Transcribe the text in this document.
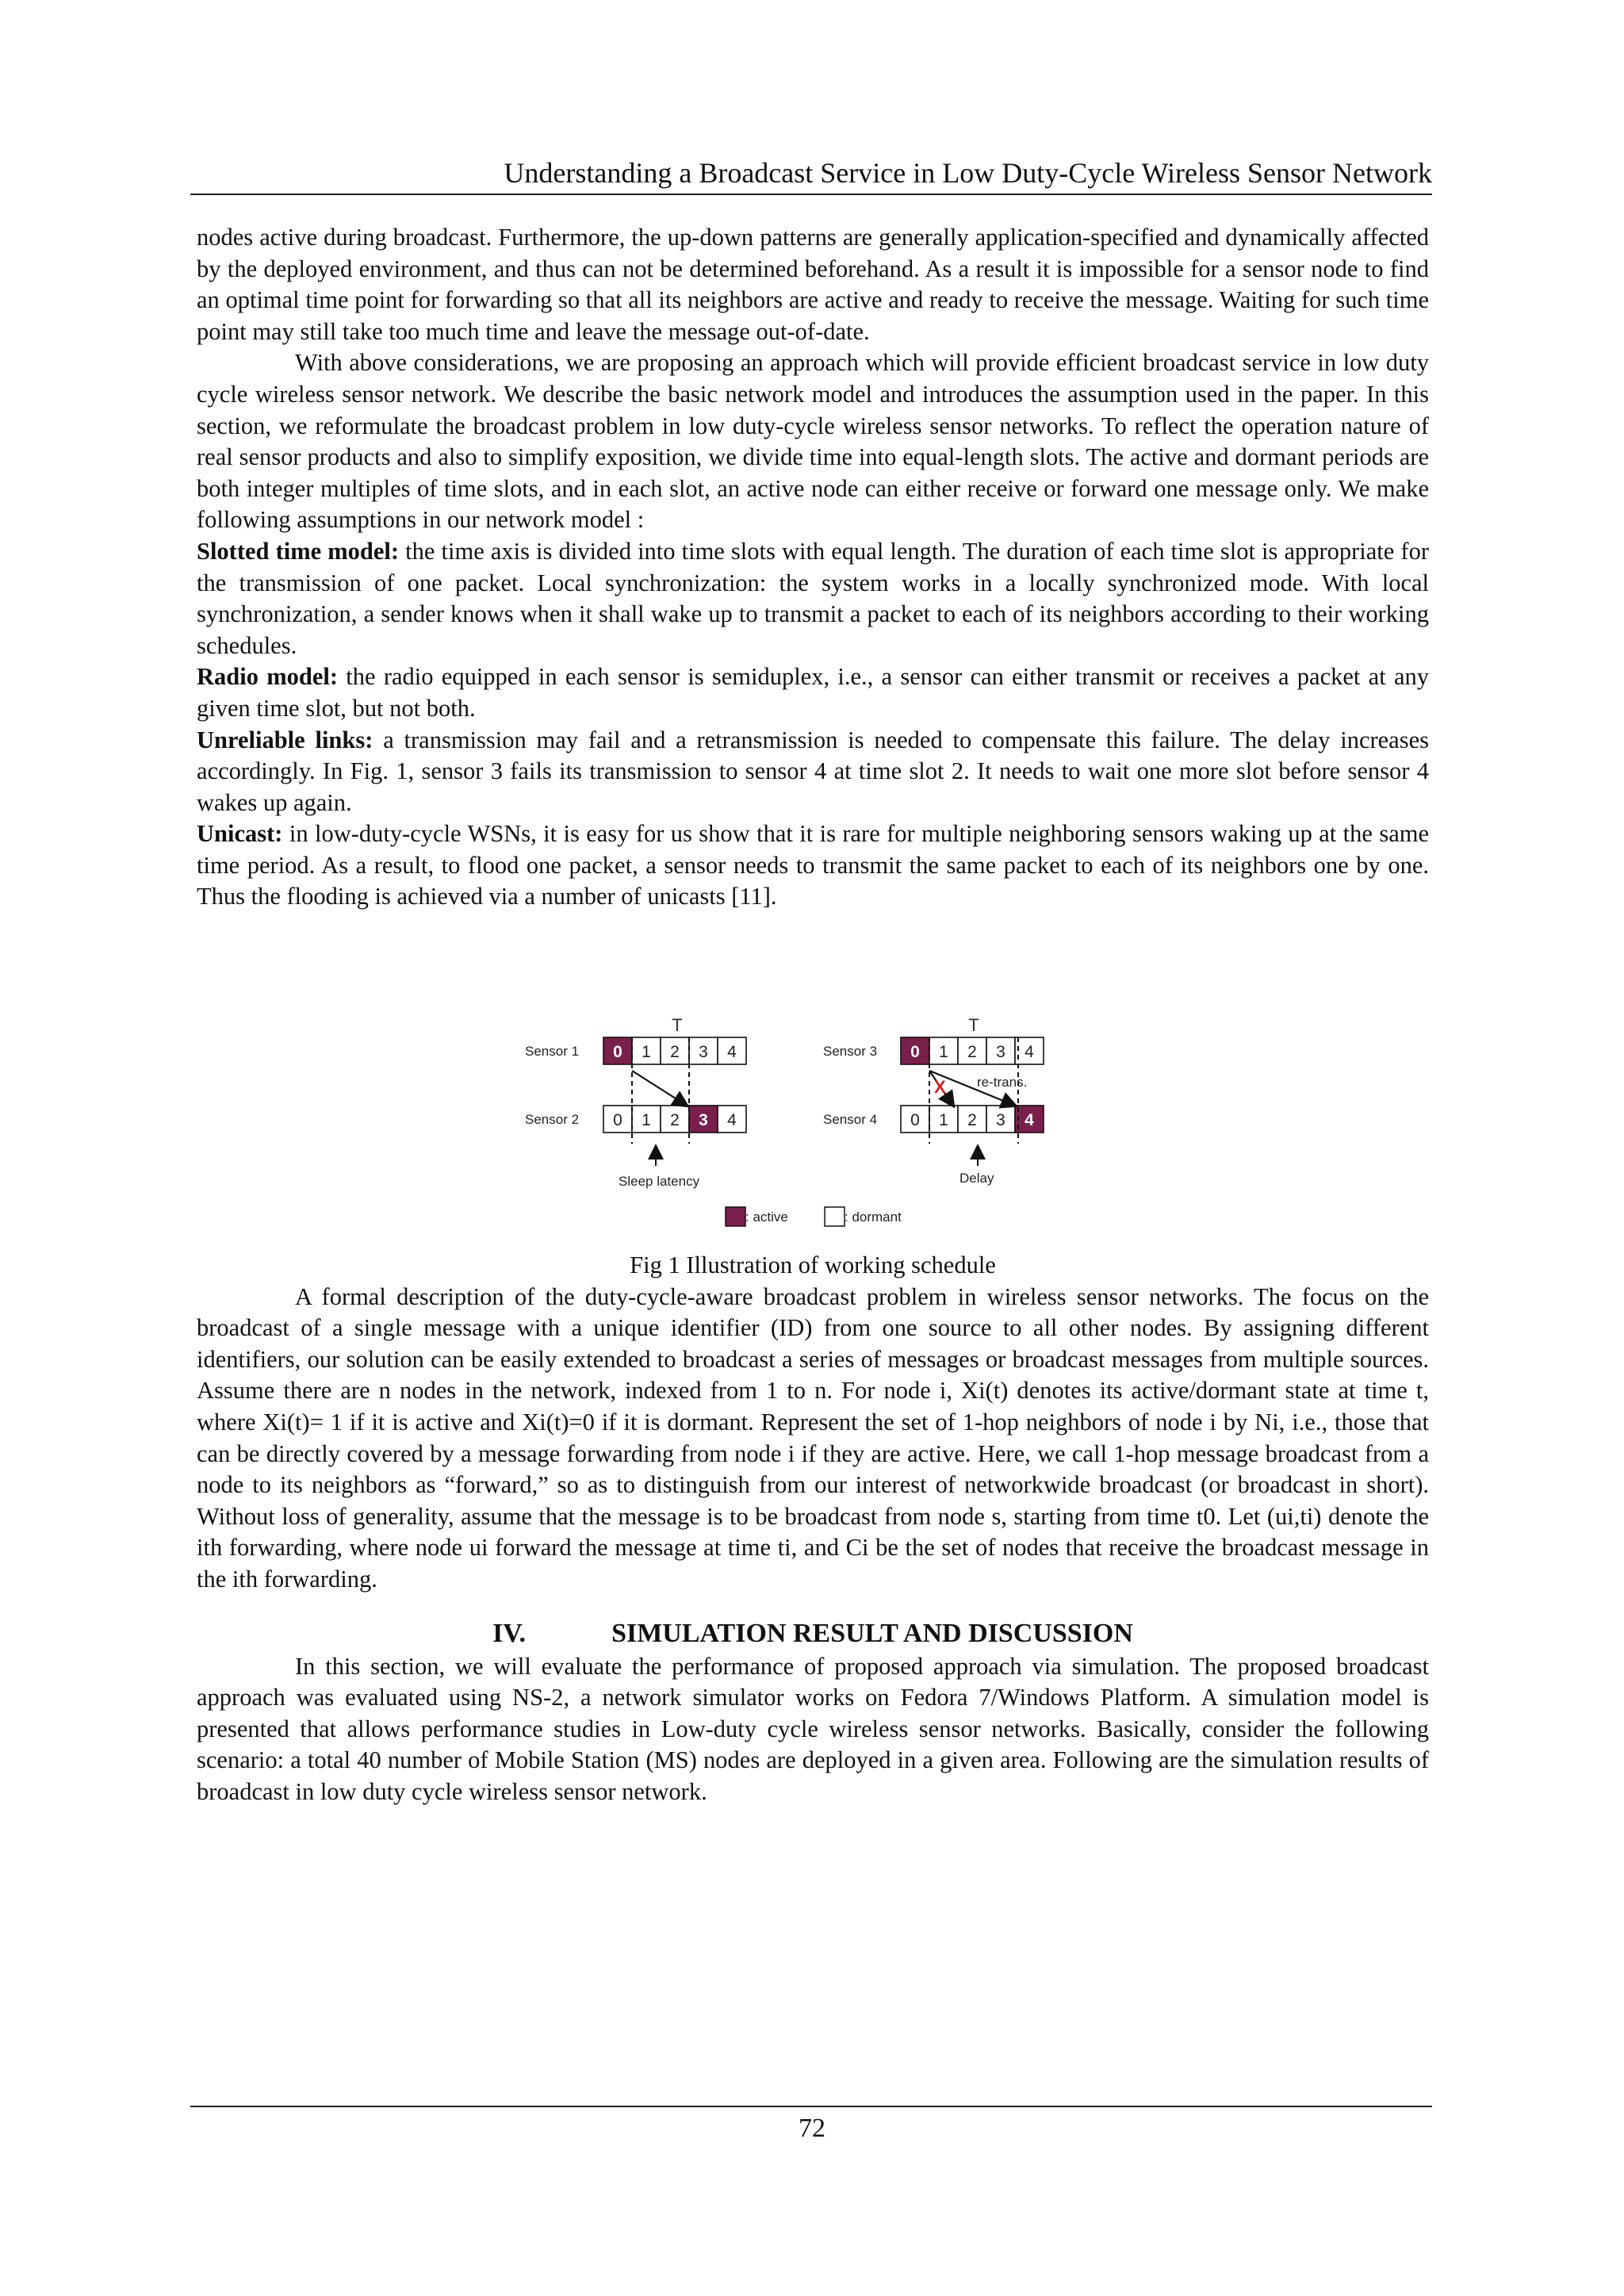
Understanding a Broadcast Service in Low Duty-Cycle Wireless Sensor Network

nodes active during broadcast. Furthermore, the up-down patterns are generally application-specified and dynamically affected by the deployed environment, and thus can not be determined beforehand. As a result it is impossible for a sensor node to find an optimal time point for forwarding so that all its neighbors are active and ready to receive the message. Waiting for such time point may still take too much time and leave the message out-of-date.

With above considerations, we are proposing an approach which will provide efficient broadcast service in low duty cycle wireless sensor network. We describe the basic network model and introduces the assumption used in the paper. In this section, we reformulate the broadcast problem in low duty-cycle wireless sensor networks. To reflect the operation nature of real sensor products and also to simplify exposition, we divide time into equal-length slots. The active and dormant periods are both integer multiples of time slots, and in each slot, an active node can either receive or forward one message only. We make following assumptions in our network model :

Slotted time model: the time axis is divided into time slots with equal length. The duration of each time slot is appropriate for the transmission of one packet. Local synchronization: the system works in a locally synchronized mode. With local synchronization, a sender knows when it shall wake up to transmit a packet to each of its neighbors according to their working schedules.

Radio model: the radio equipped in each sensor is semiduplex, i.e., a sensor can either transmit or receives a packet at any given time slot, but not both.

Unreliable links: a transmission may fail and a retransmission is needed to compensate this failure. The delay increases accordingly. In Fig. 1, sensor 3 fails its transmission to sensor 4 at time slot 2. It needs to wait one more slot before sensor 4 wakes up again.

Unicast: in low-duty-cycle WSNs, it is easy for us show that it is rare for multiple neighboring sensors waking up at the same time period. As a result, to flood one packet, a sensor needs to transmit the same packet to each of its neighbors one by one. Thus the flooding is achieved via a number of unicasts [11].

T	T
Sensor 1
Sensor 2
Sensor 3
Sensor 4
0 1 2 3 4
0 1 2 3 4
0 1 2 3 4
0 1 2 3 4
X re-trans.
Sleep latency	Delay
: active	: dormant

Fig 1 Illustration of working schedule

A formal description of the duty-cycle-aware broadcast problem in wireless sensor networks. The focus on the broadcast of a single message with a unique identifier (ID) from one source to all other nodes. By assigning different identifiers, our solution can be easily extended to broadcast a series of messages or broadcast messages from multiple sources. Assume there are n nodes in the network, indexed from 1 to n. For node i, Xi(t) denotes its active/dormant state at time t, where Xi(t)= 1 if it is active and Xi(t)=0 if it is dormant. Represent the set of 1-hop neighbors of node i by Ni, i.e., those that can be directly covered by a message forwarding from node i if they are active. Here, we call 1-hop message broadcast from a node to its neighbors as “forward,” so as to distinguish from our interest of networkwide broadcast (or broadcast in short). Without loss of generality, assume that the message is to be broadcast from node s, starting from time t0. Let (ui,ti) denote the ith forwarding, where node ui forward the message at time ti, and Ci be the set of nodes that receive the broadcast message in the ith forwarding.

IV.	SIMULATION RESULT AND DISCUSSION

In this section, we will evaluate the performance of proposed approach via simulation. The proposed broadcast approach was evaluated using NS-2, a network simulator works on Fedora 7/Windows Platform. A simulation model is presented that allows performance studies in Low-duty cycle wireless sensor networks. Basically, consider the following scenario: a total 40 number of Mobile Station (MS) nodes are deployed in a given area. Following are the simulation results of broadcast in low duty cycle wireless sensor network.

72
